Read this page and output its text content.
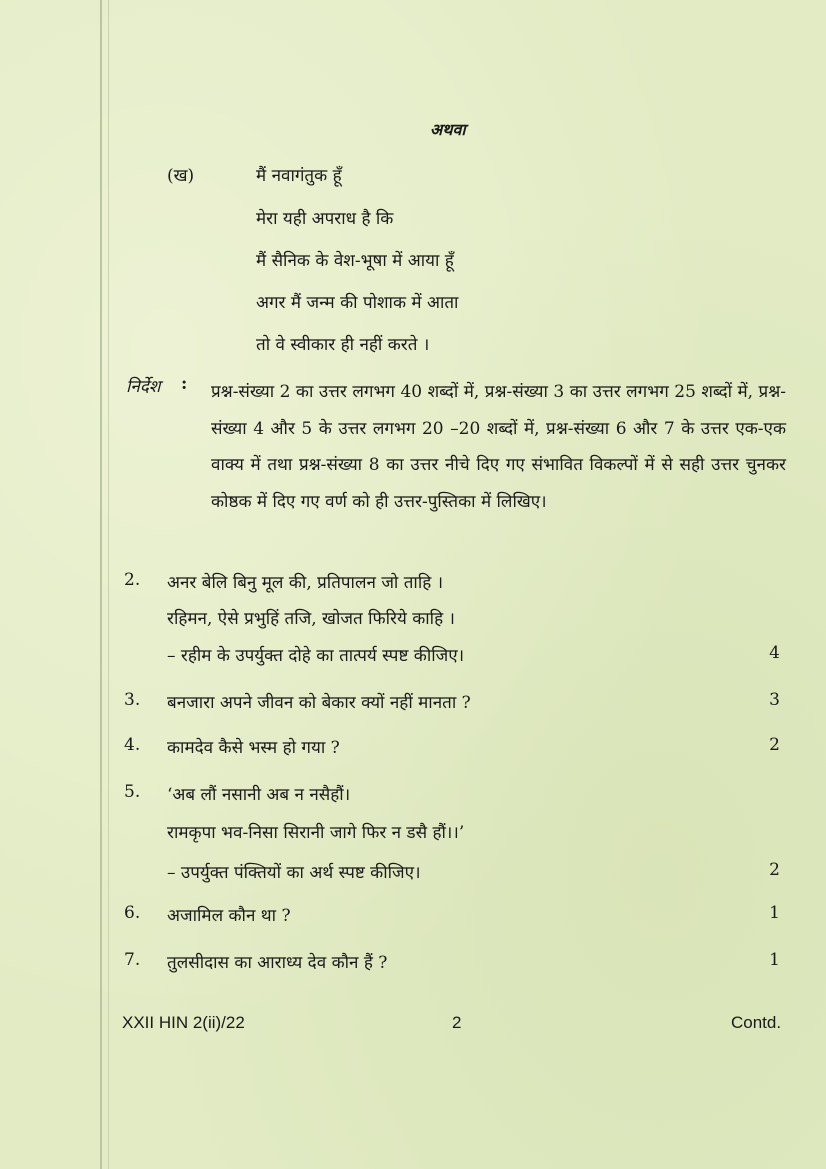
अथवा
(ख)	मैं नवागंतुक हूँ
मेरा यही अपराध है कि
मैं सैनिक के वेश-भूषा में आया हूँ
अगर मैं जन्म की पोशाक में आता
तो वे स्वीकार ही नहीं करते ।
निर्देश : प्रश्न-संख्या 2 का उत्तर लगभग 40 शब्दों में, प्रश्न-संख्या 3 का उत्तर लगभग 25 शब्दों में, प्रश्न-संख्या 4 और 5 के उत्तर लगभग 20 –20 शब्दों में, प्रश्न-संख्या 6 और 7 के उत्तर एक-एक वाक्य में तथा प्रश्न-संख्या 8 का उत्तर नीचे दिए गए संभावित विकल्पों में से सही उत्तर चुनकर कोष्ठक में दिए गए वर्ण को ही उत्तर-पुस्तिका में लिखिए।
2. अनर बेलि बिनु मूल की, प्रतिपालन जो ताहि ।
रहिमन, ऐसे प्रभुहिं तजि, खोजत फिरिये काहि ।
– रहीम के उपर्युक्त दोहे का तात्पर्य स्पष्ट कीजिए।	4
3. बनजारा अपने जीवन को बेकार क्यों नहीं मानता ?	3
4. कामदेव कैसे भस्म हो गया ?	2
5. ‘अब लौं नसानी अब न नसैहौं।
रामकृपा भव-निसा सिरानी जागे फिर न डसै हौं।।’
– उपर्युक्त पंक्तियों का अर्थ स्पष्ट कीजिए।	2
6. अजामिल कौन था ?	1
7. तुलसीदास का आराध्य देव कौन हैं ?	1
XXII HIN 2(ii)/22	2	Contd.
